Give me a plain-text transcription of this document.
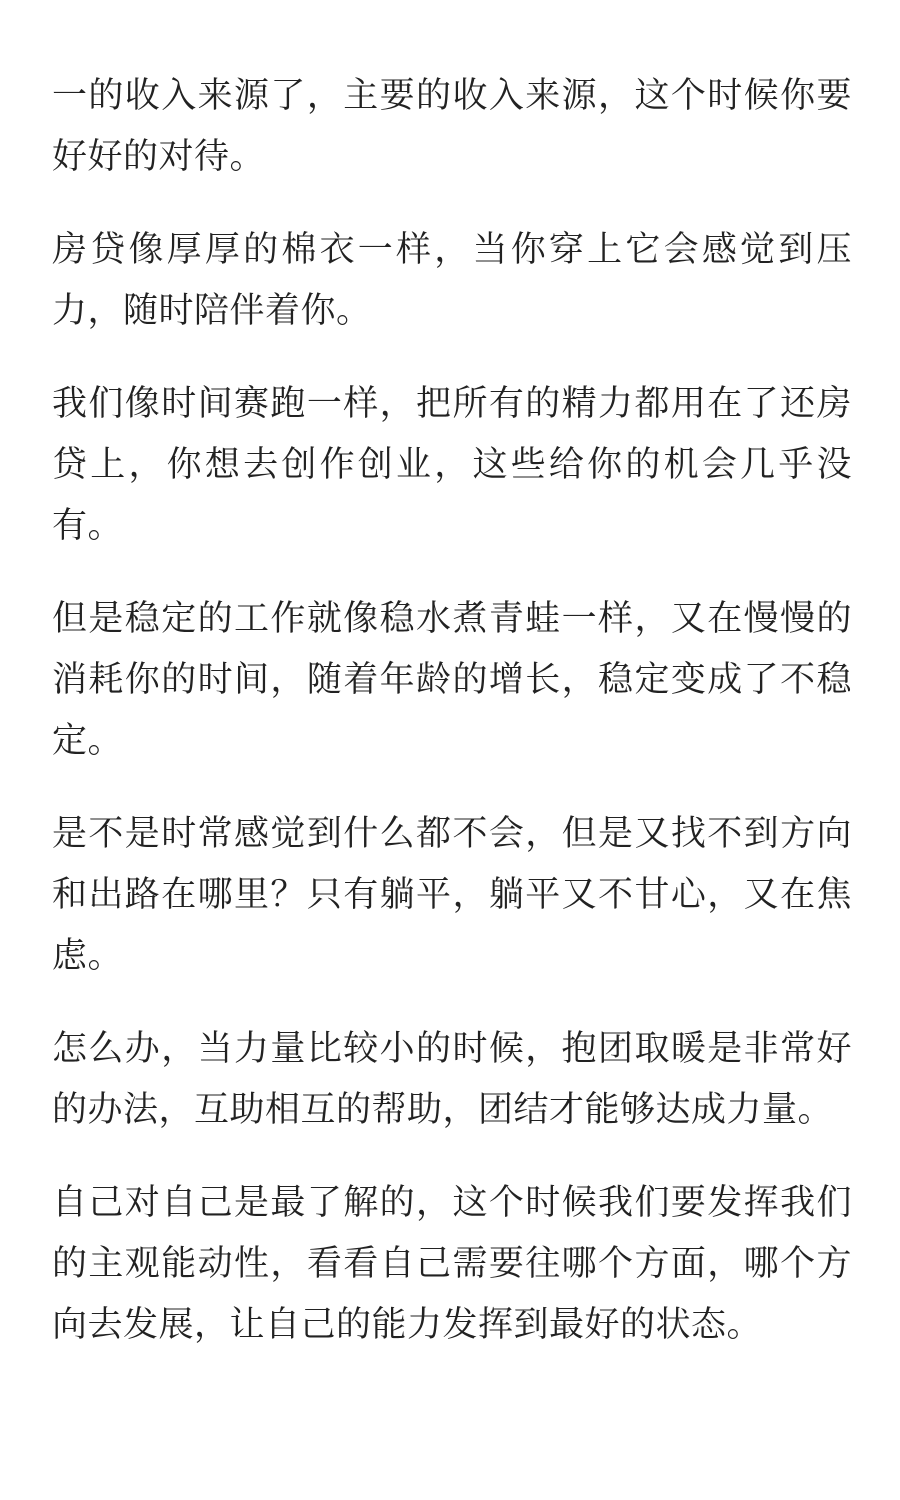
一的收入来源了，主要的收入来源，这个时候你要
好好的对待。

房贷像厚厚的棉衣一样，当你穿上它会感觉到压
力，随时陪伴着你。

我们像时间赛跑一样，把所有的精力都用在了还房
贷上，你想去创作创业，这些给你的机会几乎没
有。

但是稳定的工作就像稳水煮青蛙一样，又在慢慢的
消耗你的时间，随着年龄的增长，稳定变成了不稳
定。

是不是时常感觉到什么都不会，但是又找不到方向
和出路在哪里？只有躺平，躺平又不甘心，又在焦
虑。

怎么办，当力量比较小的时候，抱团取暖是非常好
的办法，互助相互的帮助，团结才能够达成力量。

自己对自己是最了解的，这个时候我们要发挥我们
的主观能动性，看看自己需要往哪个方面，哪个方
向去发展，让自己的能力发挥到最好的状态。
